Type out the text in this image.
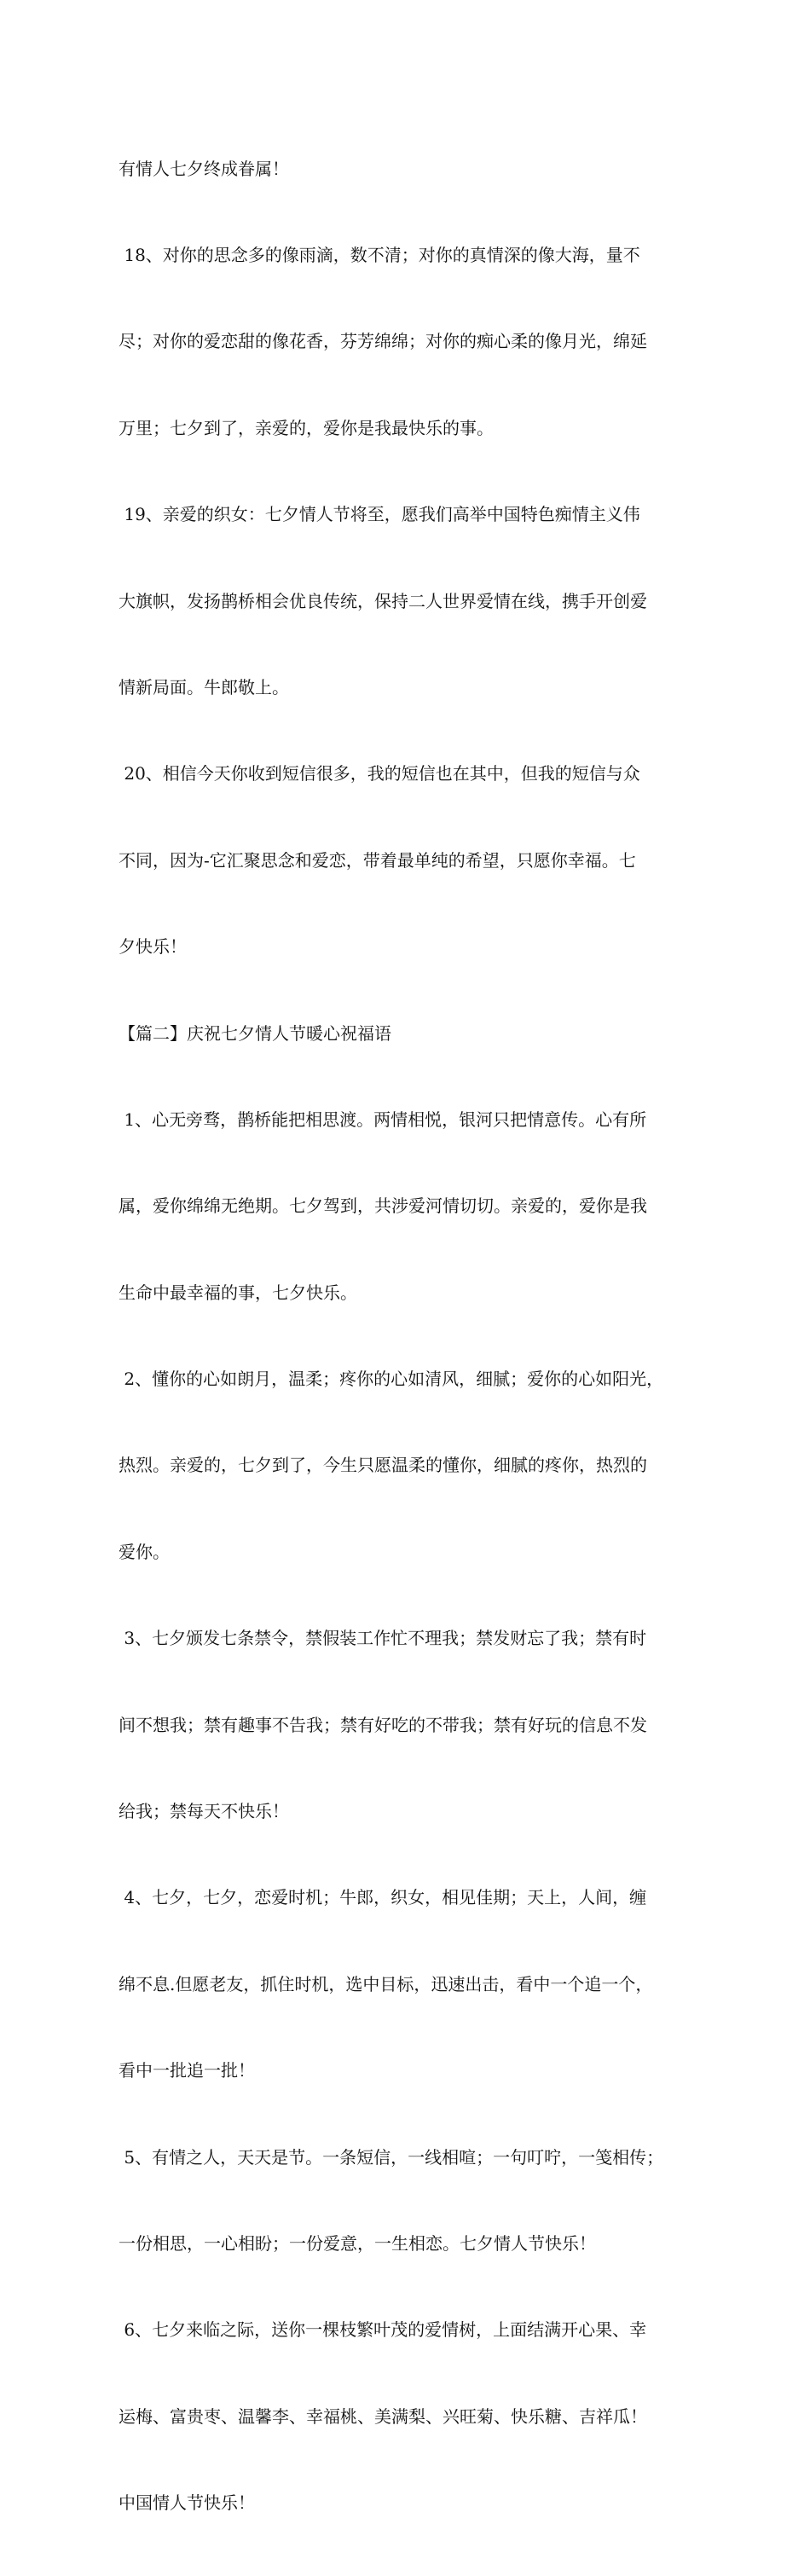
有情人七夕终成眷属！

18、对你的思念多的像雨滴，数不清；对你的真情深的像大海，量不

尽；对你的爱恋甜的像花香，芬芳绵绵；对你的痴心柔的像月光，绵延

万里；七夕到了，亲爱的，爱你是我最快乐的事。

19、亲爱的织女：七夕情人节将至，愿我们高举中国特色痴情主义伟

大旗帜，发扬鹊桥相会优良传统，保持二人世界爱情在线，携手开创爱

情新局面。牛郎敬上。

20、相信今天你收到短信很多，我的短信也在其中，但我的短信与众

不同，因为-它汇聚思念和爱恋，带着最单纯的希望，只愿你幸福。七

夕快乐！

【篇二】庆祝七夕情人节暖心祝福语

1、心无旁骛，鹊桥能把相思渡。两情相悦，银河只把情意传。心有所

属，爱你绵绵无绝期。七夕驾到，共涉爱河情切切。亲爱的，爱你是我

生命中最幸福的事，七夕快乐。

2、懂你的心如朗月，温柔；疼你的心如清风，细腻；爱你的心如阳光，

热烈。亲爱的，七夕到了，今生只愿温柔的懂你，细腻的疼你，热烈的

爱你。

3、七夕颁发七条禁令，禁假装工作忙不理我；禁发财忘了我；禁有时

间不想我；禁有趣事不告我；禁有好吃的不带我；禁有好玩的信息不发

给我；禁每天不快乐！

4、七夕，七夕，恋爱时机；牛郎，织女，相见佳期；天上，人间，缠

绵不息.但愿老友，抓住时机，选中目标，迅速出击，看中一个追一个，

看中一批追一批！

5、有情之人，天天是节。一条短信，一线相喧；一句叮咛，一笺相传；

一份相思，一心相盼；一份爱意，一生相恋。七夕情人节快乐！

6、七夕来临之际，送你一棵枝繁叶茂的爱情树，上面结满开心果、幸

运梅、富贵枣、温馨李、幸福桃、美满梨、兴旺菊、快乐糖、吉祥瓜！

中国情人节快乐！
